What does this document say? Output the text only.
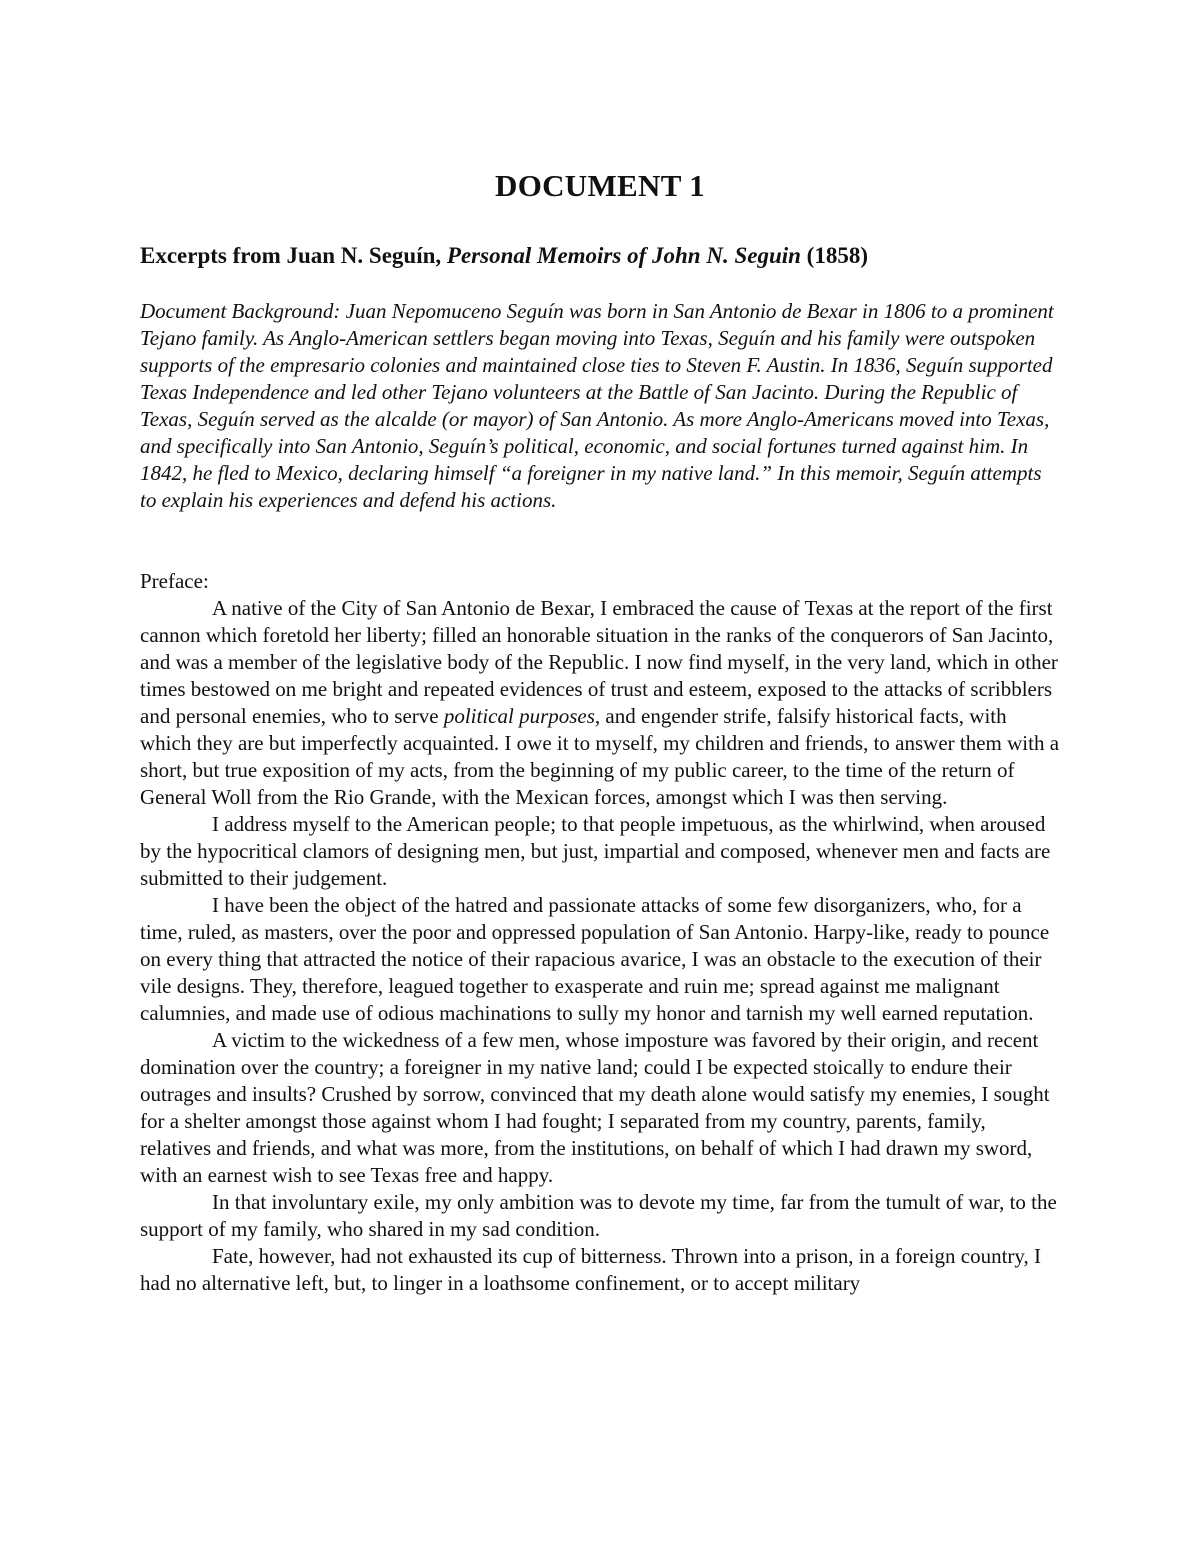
DOCUMENT 1
Excerpts from Juan N. Seguín, Personal Memoirs of John N. Seguin (1858)
Document Background: Juan Nepomuceno Seguín was born in San Antonio de Bexar in 1806 to a prominent Tejano family. As Anglo-American settlers began moving into Texas, Seguín and his family were outspoken supports of the empresario colonies and maintained close ties to Steven F. Austin. In 1836, Seguín supported Texas Independence and led other Tejano volunteers at the Battle of San Jacinto. During the Republic of Texas, Seguín served as the alcalde (or mayor) of San Antonio. As more Anglo-Americans moved into Texas, and specifically into San Antonio, Seguín’s political, economic, and social fortunes turned against him. In 1842, he fled to Mexico, declaring himself “a foreigner in my native land.” In this memoir, Seguín attempts to explain his experiences and defend his actions.

Preface:

A native of the City of San Antonio de Bexar, I embraced the cause of Texas at the report of the first cannon which foretold her liberty; filled an honorable situation in the ranks of the conquerors of San Jacinto, and was a member of the legislative body of the Republic. I now find myself, in the very land, which in other times bestowed on me bright and repeated evidences of trust and esteem, exposed to the attacks of scribblers and personal enemies, who to serve political purposes, and engender strife, falsify historical facts, with which they are but imperfectly acquainted. I owe it to myself, my children and friends, to answer them with a short, but true exposition of my acts, from the beginning of my public career, to the time of the return of General Woll from the Rio Grande, with the Mexican forces, amongst which I was then serving.

I address myself to the American people; to that people impetuous, as the whirlwind, when aroused by the hypocritical clamors of designing men, but just, impartial and composed, whenever men and facts are submitted to their judgement.

I have been the object of the hatred and passionate attacks of some few disorganizers, who, for a time, ruled, as masters, over the poor and oppressed population of San Antonio. Harpy-like, ready to pounce on every thing that attracted the notice of their rapacious avarice, I was an obstacle to the execution of their vile designs. They, therefore, leagued together to exasperate and ruin me; spread against me malignant calumnies, and made use of odious machinations to sully my honor and tarnish my well earned reputation.

A victim to the wickedness of a few men, whose imposture was favored by their origin, and recent domination over the country; a foreigner in my native land; could I be expected stoically to endure their outrages and insults? Crushed by sorrow, convinced that my death alone would satisfy my enemies, I sought for a shelter amongst those against whom I had fought; I separated from my country, parents, family, relatives and friends, and what was more, from the institutions, on behalf of which I had drawn my sword, with an earnest wish to see Texas free and happy.

In that involuntary exile, my only ambition was to devote my time, far from the tumult of war, to the support of my family, who shared in my sad condition.

Fate, however, had not exhausted its cup of bitterness. Thrown into a prison, in a foreign country, I had no alternative left, but, to linger in a loathsome confinement, or to accept military
